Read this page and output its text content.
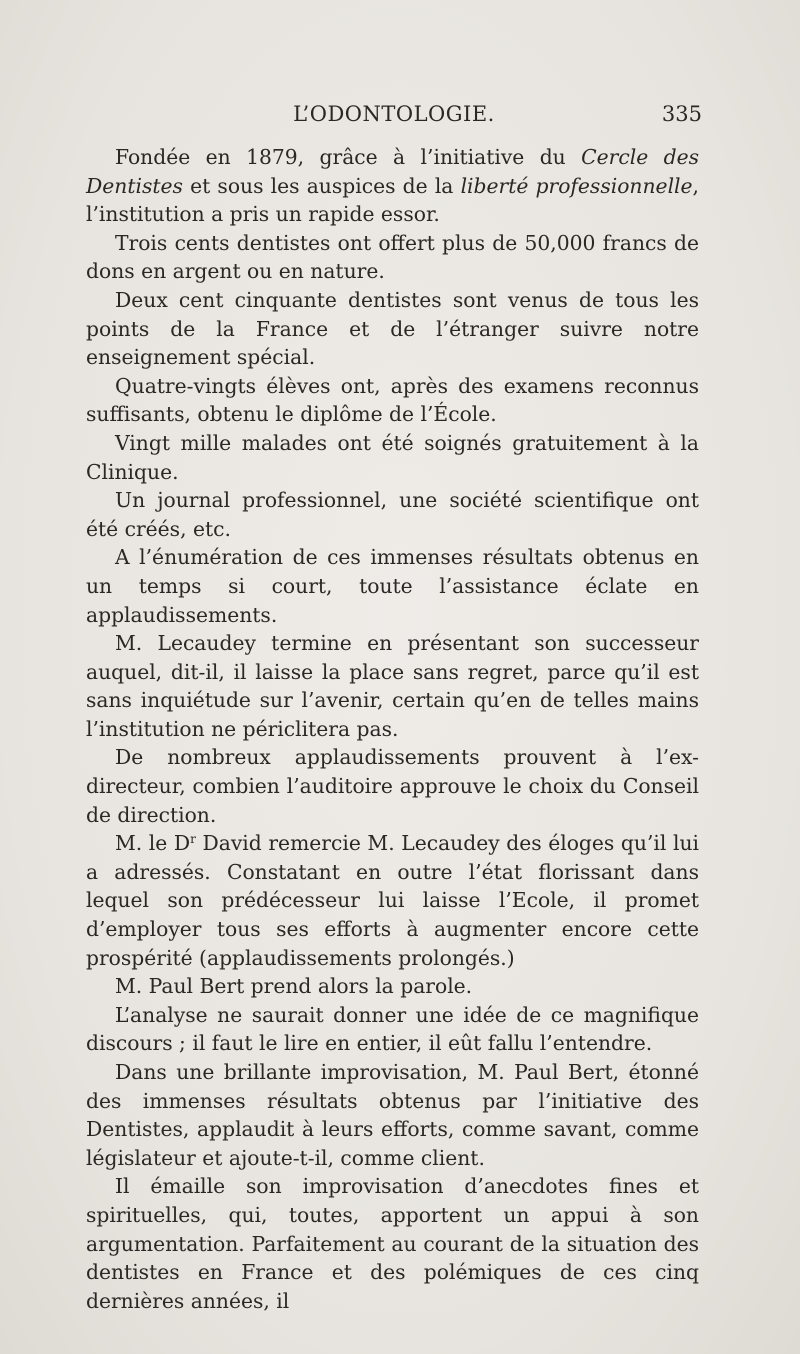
L’ODONTOLOGIE.	335

Fondée en 1879, grâce à l’initiative du Cercle des Dentistes et sous les auspices de la liberté professionnelle, l’institution a pris un rapide essor.

Trois cents dentistes ont offert plus de 50,000 francs de dons en argent ou en nature.

Deux cent cinquante dentistes sont venus de tous les points de la France et de l’étranger suivre notre enseignement spécial.

Quatre-vingts élèves ont, après des examens reconnus suffisants, obtenu le diplôme de l’École.

Vingt mille malades ont été soignés gratuitement à la Clinique.

Un journal professionnel, une société scientifique ont été créés, etc.

A l’énumération de ces immenses résultats obtenus en un temps si court, toute l’assistance éclate en applaudissements.

M. Lecaudey termine en présentant son successeur auquel, dit-il, il laisse la place sans regret, parce qu’il est sans inquiétude sur l’avenir, certain qu’en de telles mains l’institution ne périclitera pas.

De nombreux applaudissements prouvent à l’ex-directeur, combien l’auditoire approuve le choix du Conseil de direction.

M. le $D^r$ David remercie M. Lecaudey des éloges qu’il lui a adressés. Constatant en outre l’état florissant dans lequel son prédécesseur lui laisse l’Ecole, il promet d’employer tous ses efforts à augmenter encore cette prospérité (applaudissements prolongés.)

M. Paul Bert prend alors la parole.

L’analyse ne saurait donner une idée de ce magnifique discours ; il faut le lire en entier, il eût fallu l’entendre.

Dans une brillante improvisation, M. Paul Bert, étonné des immenses résultats obtenus par l’initiative des Dentistes, applaudit à leurs efforts, comme savant, comme législateur et ajoute-t-il, comme client.

Il émaille son improvisation d’anecdotes fines et spirituelles, qui, toutes, apportent un appui à son argumentation. Parfaitement au courant de la situation des dentistes en France et des polémiques de ces cinq dernières années, il
